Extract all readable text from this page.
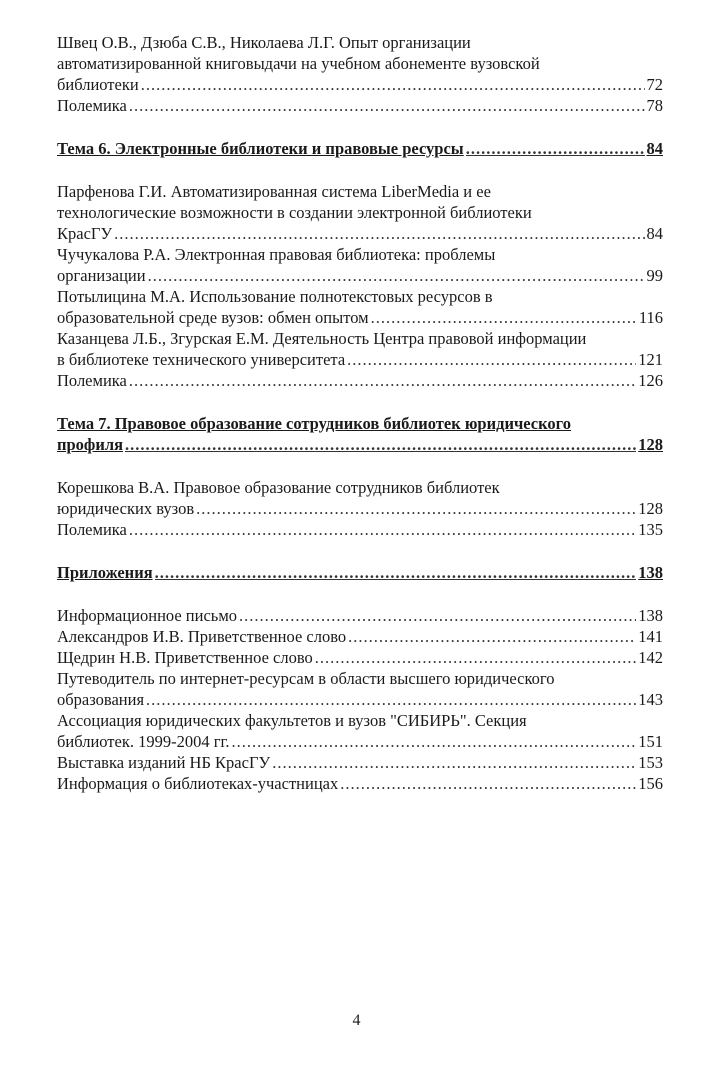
Швец О.В., Дзюба С.В., Николаева Л.Г. Опыт организации
автоматизированной книговыдачи на учебном абонементе вузовской
библиотеки .....	72
Полемика .....	78
Тема 6. Электронные библиотеки и правовые ресурсы .....	84
Парфенова Г.И. Автоматизированная система LiberMedia и ее
технологические возможности в создании электронной библиотеки
КрасГУ .....	84
Чучукалова Р.А. Электронная правовая библиотека: проблемы
организации .....	99
Потылицина М.А. Использование полнотекстовых ресурсов в
образовательной среде вузов: обмен опытом .....	116
Казанцева Л.Б., Згурская Е.М. Деятельность Центра правовой информации
в библиотеке технического университета .....	121
Полемика .....	126
Тема 7. Правовое образование сотрудников библиотек юридического
профиля .....	128
Корешкова В.А. Правовое образование сотрудников библиотек
юридических вузов .....	128
Полемика .....	135
Приложения .....	138
Информационное письмо .....	138
Александров И.В. Приветственное слово .....	141
Щедрин Н.В. Приветственное слово .....	142
Путеводитель по интернет-ресурсам в области высшего юридического
образования .....	143
Ассоциация юридических факультетов и вузов "СИБИРЬ". Секция
библиотек. 1999-2004 гг. .....	151
Выставка изданий НБ КрасГУ .....	153
Информация о библиотеках-участницах .....	156
4
